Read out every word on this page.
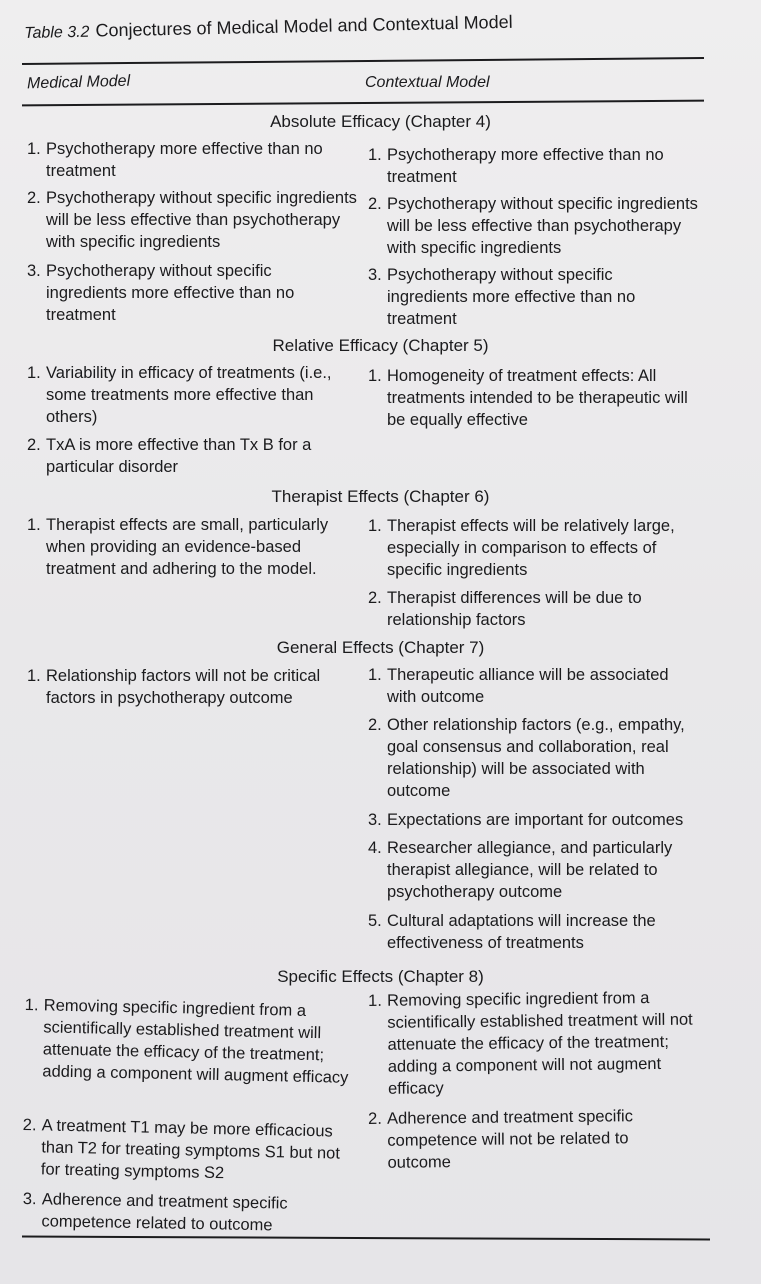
Table 3.2 Conjectures of Medical Model and Contextual Model
Medical Model	Contextual Model
Absolute Efficacy (Chapter 4)
1. Psychotherapy more effective than no treatment
2. Psychotherapy without specific ingredients will be less effective than psychotherapy with specific ingredients
3. Psychotherapy without specific ingredients more effective than no treatment
1. Psychotherapy more effective than no treatment
2. Psychotherapy without specific ingredients will be less effective than psychotherapy with specific ingredients
3. Psychotherapy without specific ingredients more effective than no treatment
Relative Efficacy (Chapter 5)
1. Variability in efficacy of treatments (i.e., some treatments more effective than others)
2. TxA is more effective than Tx B for a particular disorder
1. Homogeneity of treatment effects: All treatments intended to be therapeutic will be equally effective
Therapist Effects (Chapter 6)
1. Therapist effects are small, particularly when providing an evidence-based treatment and adhering to the model.
1. Therapist effects will be relatively large, especially in comparison to effects of specific ingredients
2. Therapist differences will be due to relationship factors
General Effects (Chapter 7)
1. Relationship factors will not be critical factors in psychotherapy outcome
1. Therapeutic alliance will be associated with outcome
2. Other relationship factors (e.g., empathy, goal consensus and collaboration, real relationship) will be associated with outcome
3. Expectations are important for outcomes
4. Researcher allegiance, and particularly therapist allegiance, will be related to psychotherapy outcome
5. Cultural adaptations will increase the effectiveness of treatments
Specific Effects (Chapter 8)
1. Removing specific ingredient from a scientifically established treatment will attenuate the efficacy of the treatment; adding a component will augment efficacy
2. A treatment T1 may be more efficacious than T2 for treating symptoms S1 but not for treating symptoms S2
3. Adherence and treatment specific competence related to outcome
1. Removing specific ingredient from a scientifically established treatment will not attenuate the efficacy of the treatment; adding a component will not augment efficacy
2. Adherence and treatment specific competence will not be related to outcome
